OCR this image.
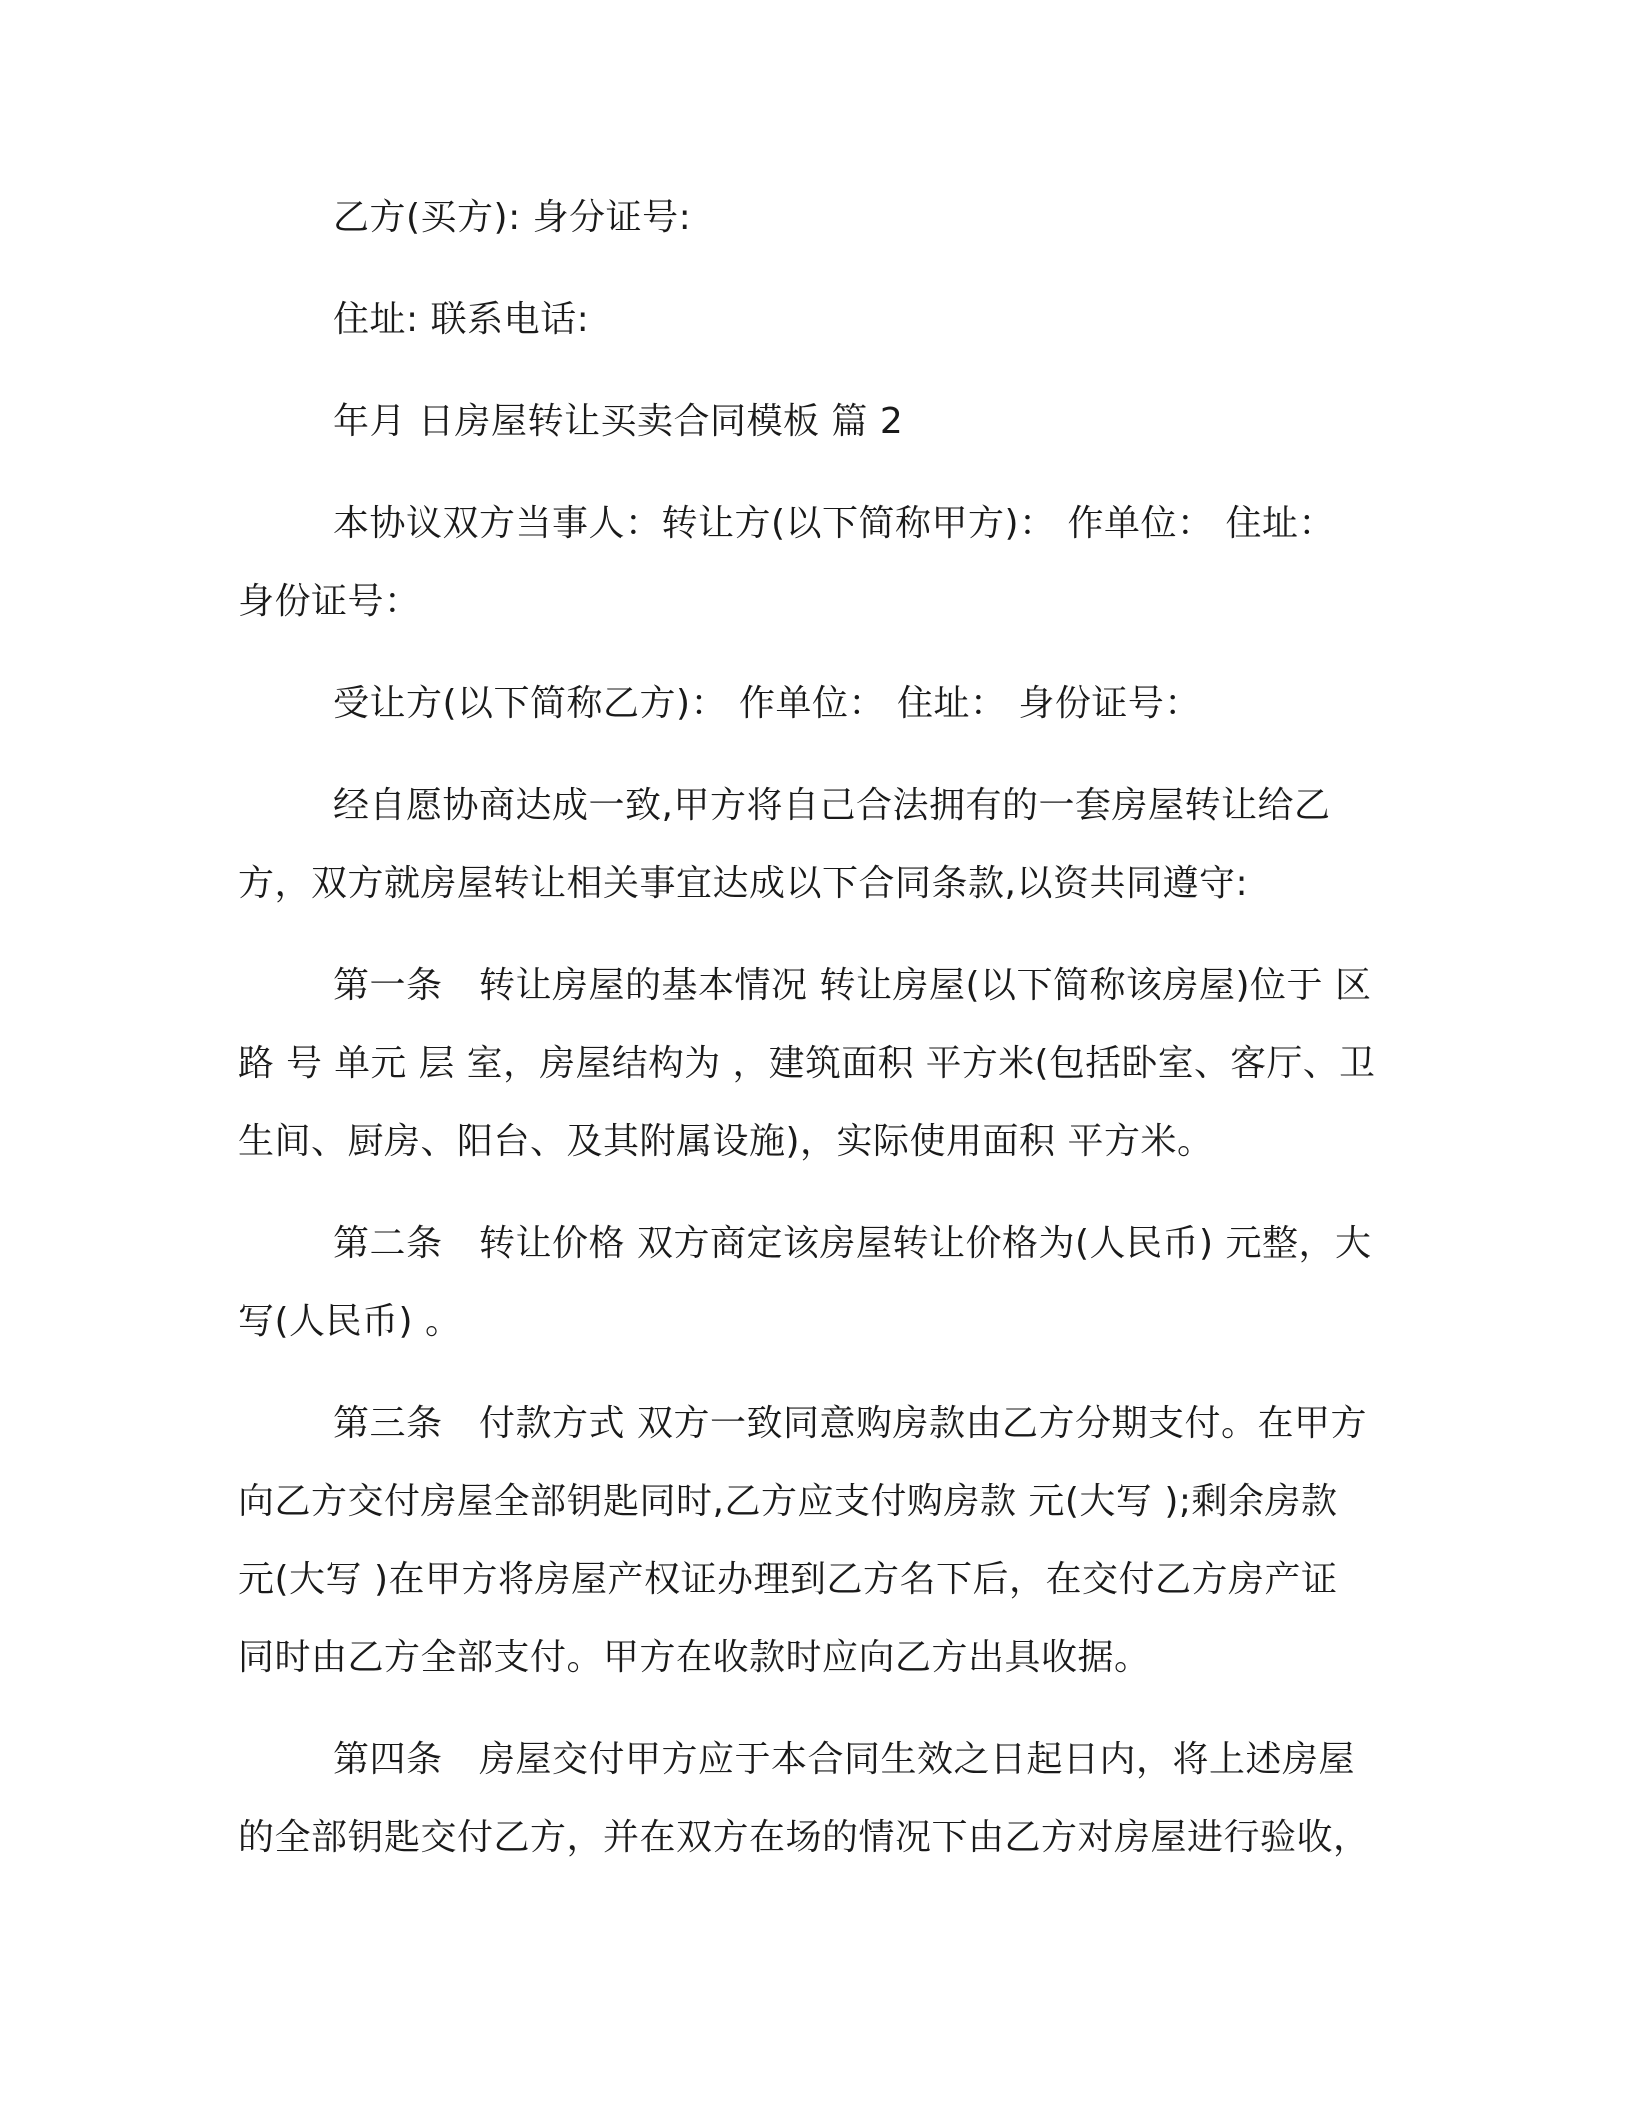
乙方(买方): 身分证号:

住址: 联系电话:

年月 日房屋转让买卖合同模板 篇 2

本协议双方当事人：转让方(以下简称甲方)： 作单位： 住址：

身份证号：

受让方(以下简称乙方)： 作单位： 住址： 身份证号：

经自愿协商达成一致,甲方将自己合法拥有的一套房屋转让给乙

方，双方就房屋转让相关事宜达成以下合同条款,以资共同遵守:

第一条　转让房屋的基本情况 转让房屋(以下简称该房屋)位于 区

路 号 单元 层 室，房屋结构为 ，建筑面积 平方米(包括卧室、客厅、卫

生间、厨房、阳台、及其附属设施)，实际使用面积 平方米。

第二条　转让价格 双方商定该房屋转让价格为(人民币) 元整，大

写(人民币) 。

第三条　付款方式 双方一致同意购房款由乙方分期支付。在甲方

向乙方交付房屋全部钥匙同时,乙方应支付购房款 元(大写 );剩余房款

元(大写 )在甲方将房屋产权证办理到乙方名下后，在交付乙方房产证

同时由乙方全部支付。甲方在收款时应向乙方出具收据。

第四条　房屋交付甲方应于本合同生效之日起日内，将上述房屋

的全部钥匙交付乙方，并在双方在场的情况下由乙方对房屋进行验收，
